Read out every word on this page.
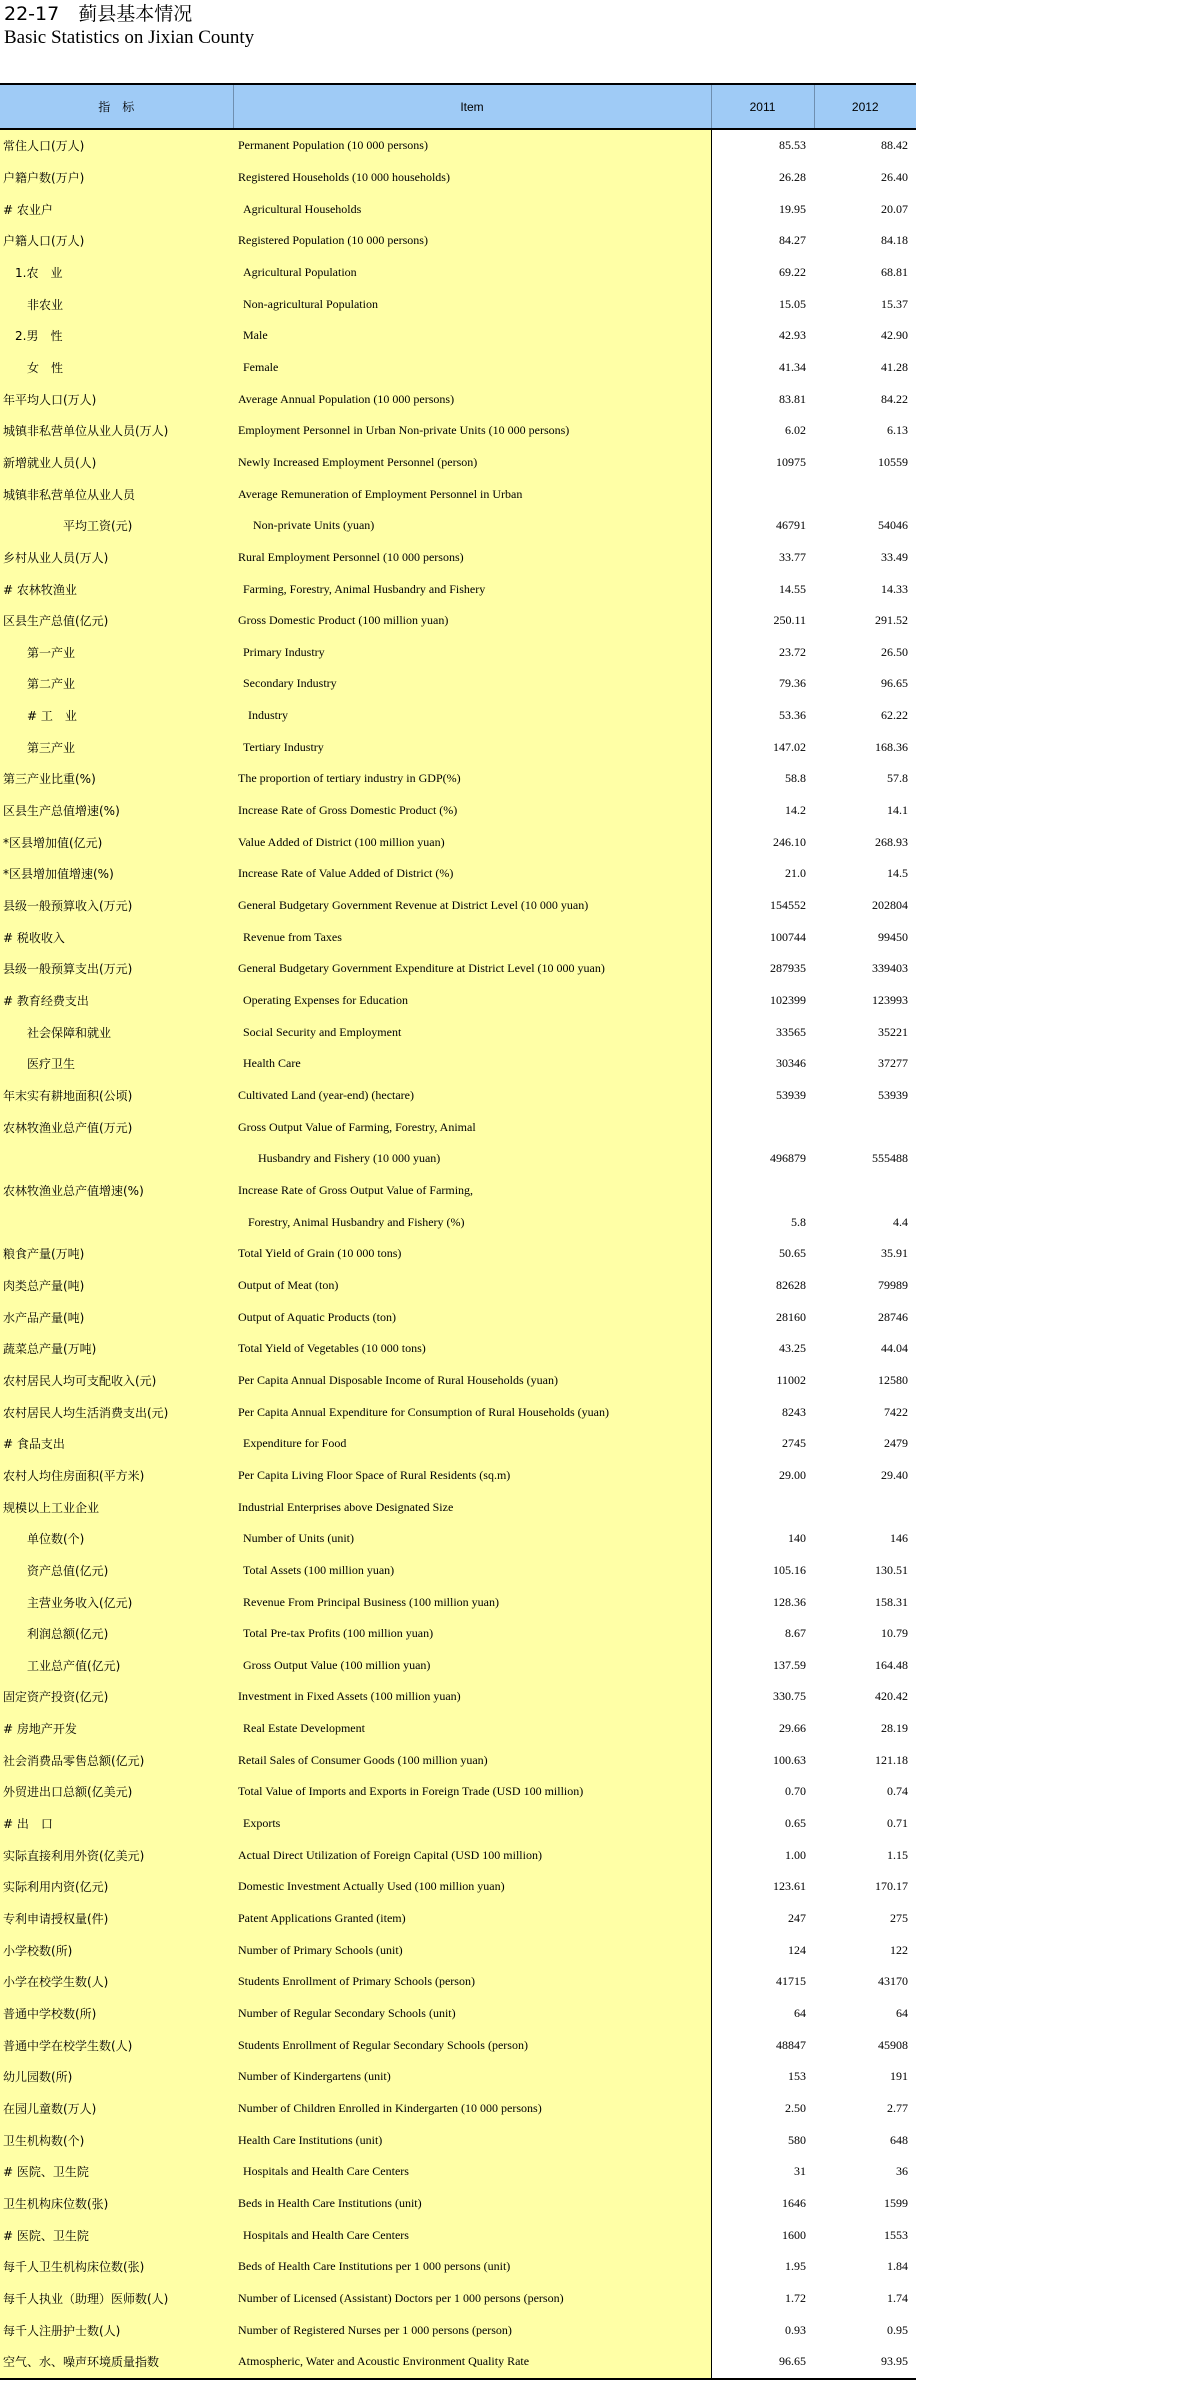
22-17　蓟县基本情况
Basic Statistics on Jixian County
指　标	Item	2011	2012
常住人口(万人)	Permanent Population (10 000 persons)	85.53	88.42
户籍户数(万户)	Registered Households (10 000 households)	26.28	26.40
# 农业户	Agricultural Households	19.95	20.07
户籍人口(万人)	Registered Population (10 000 persons)	84.27	84.18
1.农　业	Agricultural Population	69.22	68.81
非农业	Non-agricultural Population	15.05	15.37
2.男　性	Male	42.93	42.90
女　性	Female	41.34	41.28
年平均人口(万人)	Average Annual Population (10 000 persons)	83.81	84.22
城镇非私营单位从业人员(万人)	Employment Personnel in Urban Non-private Units (10 000 persons)	6.02	6.13
新增就业人员(人)	Newly Increased Employment Personnel (person)	10975	10559
城镇非私营单位从业人员	Average Remuneration of Employment Personnel in Urban		
平均工资(元)	Non-private Units (yuan)	46791	54046
乡村从业人员(万人)	Rural Employment Personnel (10 000 persons)	33.77	33.49
# 农林牧渔业	Farming, Forestry, Animal Husbandry and Fishery	14.55	14.33
区县生产总值(亿元)	Gross Domestic Product (100 million yuan)	250.11	291.52
第一产业	Primary Industry	23.72	26.50
第二产业	Secondary Industry	79.36	96.65
# 工　业	Industry	53.36	62.22
第三产业	Tertiary Industry	147.02	168.36
第三产业比重(%)	The proportion of tertiary industry in GDP(%)	58.8	57.8
区县生产总值增速(%)	Increase Rate of Gross Domestic Product (%)	14.2	14.1
*区县增加值(亿元)	Value Added of District (100 million yuan)	246.10	268.93
*区县增加值增速(%)	Increase Rate of Value Added of District (%)	21.0	14.5
县级一般预算收入(万元)	General Budgetary Government Revenue at District Level (10 000 yuan)	154552	202804
# 税收收入	Revenue from Taxes	100744	99450
县级一般预算支出(万元)	General Budgetary Government Expenditure at District Level (10 000 yuan)	287935	339403
# 教育经费支出	Operating Expenses for Education	102399	123993
社会保障和就业	Social Security and Employment	33565	35221
医疗卫生	Health Care	30346	37277
年末实有耕地面积(公顷)	Cultivated Land (year-end) (hectare)	53939	53939
农林牧渔业总产值(万元)	Gross Output Value of Farming, Forestry, Animal		
	Husbandry and Fishery (10 000 yuan)	496879	555488
农林牧渔业总产值增速(%)	Increase Rate of Gross Output Value of Farming,		
	Forestry, Animal Husbandry and Fishery (%)	5.8	4.4
粮食产量(万吨)	Total Yield of Grain (10 000 tons)	50.65	35.91
肉类总产量(吨)	Output of Meat (ton)	82628	79989
水产品产量(吨)	Output of Aquatic Products (ton)	28160	28746
蔬菜总产量(万吨)	Total Yield of Vegetables (10 000 tons)	43.25	44.04
农村居民人均可支配收入(元)	Per Capita Annual Disposable Income of Rural Households (yuan)	11002	12580
农村居民人均生活消费支出(元)	Per Capita Annual Expenditure for Consumption of Rural Households (yuan)	8243	7422
# 食品支出	Expenditure for Food	2745	2479
农村人均住房面积(平方米)	Per Capita Living Floor Space of Rural Residents (sq.m)	29.00	29.40
规模以上工业企业	Industrial Enterprises above Designated Size		
单位数(个)	Number of Units (unit)	140	146
资产总值(亿元)	Total Assets (100 million yuan)	105.16	130.51
主营业务收入(亿元)	Revenue From Principal Business (100 million yuan)	128.36	158.31
利润总额(亿元)	Total Pre-tax Profits (100 million yuan)	8.67	10.79
工业总产值(亿元)	Gross Output Value (100 million yuan)	137.59	164.48
固定资产投资(亿元)	Investment in Fixed Assets (100 million yuan)	330.75	420.42
# 房地产开发	Real Estate Development	29.66	28.19
社会消费品零售总额(亿元)	Retail Sales of Consumer Goods (100 million yuan)	100.63	121.18
外贸进出口总额(亿美元)	Total Value of Imports and Exports in Foreign Trade (USD 100 million)	0.70	0.74
# 出　口	Exports	0.65	0.71
实际直接利用外资(亿美元)	Actual Direct Utilization of Foreign Capital (USD 100 million)	1.00	1.15
实际利用内资(亿元)	Domestic Investment Actually Used (100 million yuan)	123.61	170.17
专利申请授权量(件)	Patent Applications Granted (item)	247	275
小学校数(所)	Number of Primary Schools (unit)	124	122
小学在校学生数(人)	Students Enrollment of Primary Schools (person)	41715	43170
普通中学校数(所)	Number of Regular Secondary Schools (unit)	64	64
普通中学在校学生数(人)	Students Enrollment of Regular Secondary Schools (person)	48847	45908
幼儿园数(所)	Number of Kindergartens (unit)	153	191
在园儿童数(万人)	Number of Children Enrolled in Kindergarten (10 000 persons)	2.50	2.77
卫生机构数(个)	Health Care Institutions (unit)	580	648
# 医院、卫生院	Hospitals and Health Care Centers	31	36
卫生机构床位数(张)	Beds in Health Care Institutions (unit)	1646	1599
# 医院、卫生院	Hospitals and Health Care Centers	1600	1553
每千人卫生机构床位数(张)	Beds of Health Care Institutions per 1 000 persons (unit)	1.95	1.84
每千人执业（助理）医师数(人)	Number of Licensed (Assistant) Doctors per 1 000 persons (person)	1.72	1.74
每千人注册护士数(人)	Number of Registered Nurses per 1 000 persons (person)	0.93	0.95
空气、水、噪声环境质量指数	Atmospheric, Water and Acoustic Environment Quality Rate	96.65	93.95
